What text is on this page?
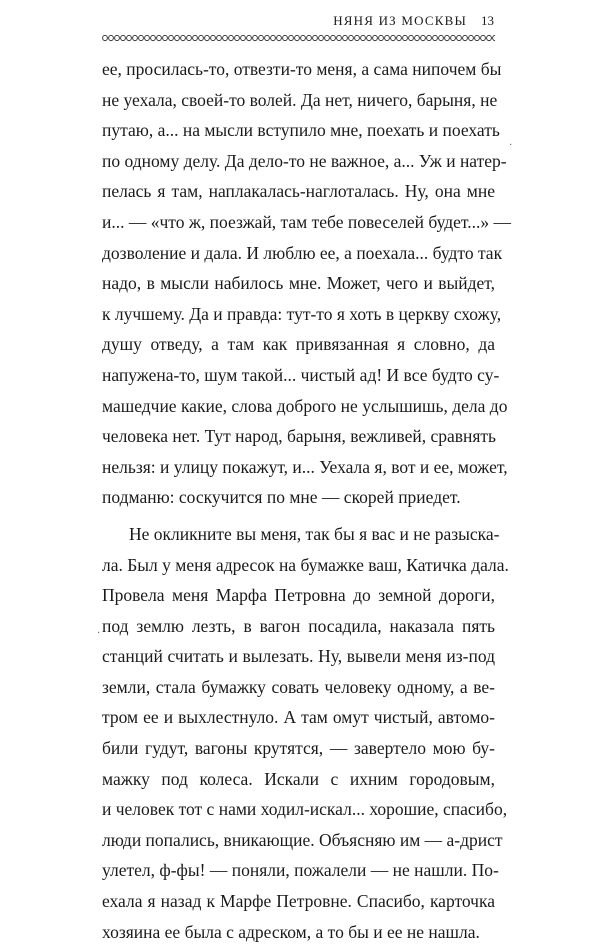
НЯНЯ ИЗ МОСКВЫ 13
ее, просилась-то, отвезти-то меня, а сама нипочем бы
не уехала, своей-то волей. Да нет, ничего, барыня, не
путаю, а... на мысли вступило мне, поехать и поехать
по одному делу. Да дело-то не важное, а... Уж и натер-
пелась я там, наплакалась-наглоталась. Ну, она мне
и... — «что ж, поезжай, там тебе повеселей будет...» —
дозволение и дала. И люблю ее, а поехала... будто так
надо, в мысли набилось мне. Может, чего и выйдет,
к лучшему. Да и правда: тут-то я хоть в церкву схожу,
душу отведу, а там как привязанная я словно, да
напужена-то, шум такой... чистый ад! И все будто су-
машедчие какие, слова доброго не услышишь, дела до
человека нет. Тут народ, барыня, вежливей, сравнять
нельзя: и улицу покажут, и... Уехала я, вот и ее, может,
подманю: соскучится по мне — скорей приедет.
Не окликните вы меня, так бы я вас и не разыска-
ла. Был у меня адресок на бумажке ваш, Катичка дала.
Провела меня Марфа Петровна до земной дороги,
под землю лезть, в вагон посадила, наказала пять
станций считать и вылезать. Ну, вывели меня из-под
земли, стала бумажку совать человеку одному, а ве-
тром ее и выхлестнуло. А там омут чистый, автомо-
били гудут, вагоны крутятся, — завертело мою бу-
мажку под колеса. Искали с ихним городовым,
и человек тот с нами ходил-искал... хорошие, спасибо,
люди попались, вникающие. Объясняю им — а-дрист
улетел, ф-фы! — поняли, пожалели — не нашли. По-
ехала я назад к Марфе Петровне. Спасибо, карточка
хозяина ее была с адреском, а то бы и ее не нашла.
·
·
